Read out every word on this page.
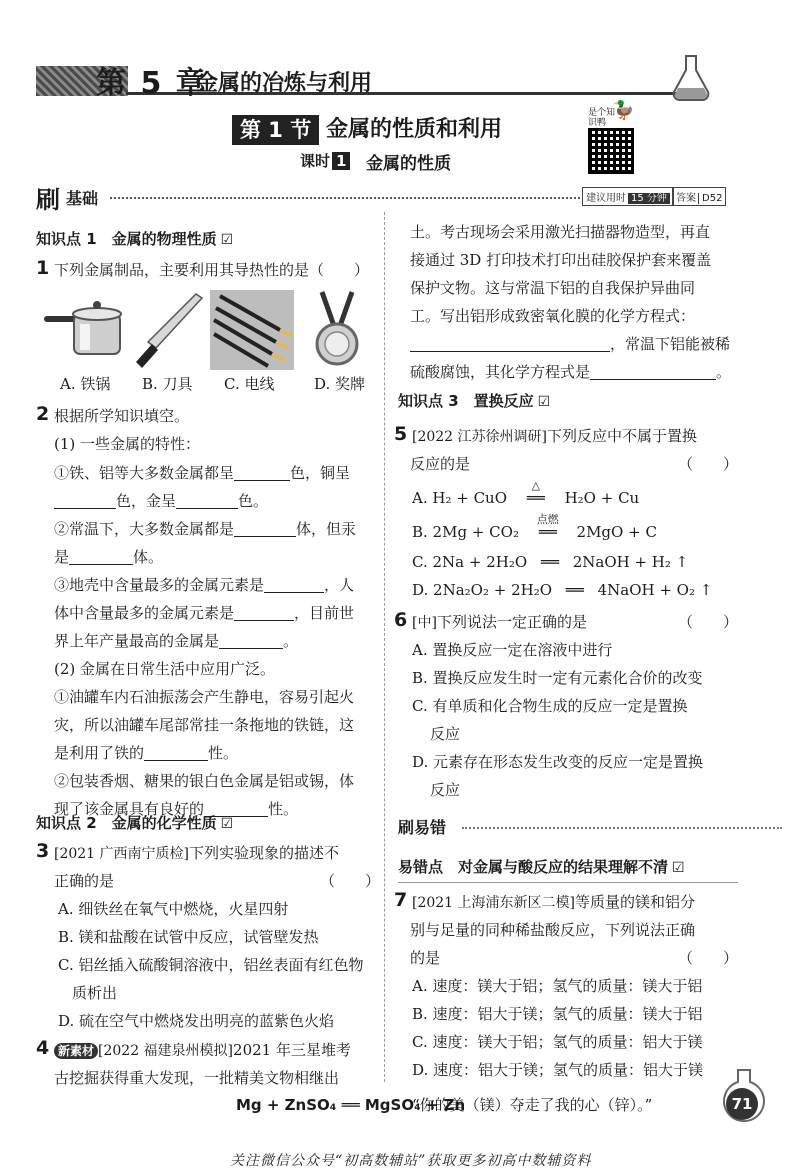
第 5 章
金属的冶炼与利用
第 1 节 金属的性质和利用
课时 1 金属的性质
是个知识鸭
🦆
刷 基础	建议用时 15 分钟 答案 D52
知识点 1　金属的物理性质 ☑
1 下列金属制品，主要利用其导热性的是（　　）
A. 铁锅 B. 刀具 C. 电线	D. 奖牌
2 根据所学知识填空。
(1) 一些金属的特性：
①铁、铝等大多数金属都呈	色，铜呈
色，金呈	色。
②常温下，大多数金属都是	体，但汞
是	体。
③地壳中含量最多的金属元素是	，人
体中含量最多的金属元素是	，目前世
界上年产量最高的金属是	。
(2) 金属在日常生活中应用广泛。
①油罐车内石油振荡会产生静电，容易引起火
灾，所以油罐车尾部常挂一条拖地的铁链，这
是利用了铁的	性。
②包装香烟、糖果的银白色金属是铝或锡，体
现了该金属具有良好的	性。
知识点 2　金属的化学性质 ☑
3 [2021 广西南宁质检]下列实验现象的描述不
正确的是	（　　）
A. 细铁丝在氧气中燃烧，火星四射
B. 镁和盐酸在试管中反应，试管壁发热
C. 铝丝插入硫酸铜溶液中，铝丝表面有红色物
质析出
D. 硫在空气中燃烧发出明亮的蓝紫色火焰
4 新素材 [2022 福建泉州模拟]2021 年三星堆考
古挖掘获得重大发现，一批精美文物相继出
土。考古现场会采用激光扫描器物造型，再直
接通过 3D 打印技术打印出硅胶保护套来覆盖
保护文物。这与常温下铝的自我保护异曲同
工。写出铝形成致密氧化膜的化学方程式：
，常温下铝能被稀
硫酸腐蚀，其化学方程式是	。
知识点 3　置换反应 ☑
5 [2022 江苏徐州调研]下列反应中不属于置换
反应的是	（　　）
A. H₂ + CuO
△
══ H₂O + Cu
B. 2Mg + CO₂
点燃
══ 2MgO + C
C. 2Na + 2H₂O ══ 2NaOH + H₂ ↑
D. 2Na₂O₂ + 2H₂O ══ 4NaOH + O₂ ↑
6 [中]下列说法一定正确的是	（　　）
A. 置换反应一定在溶液中进行
B. 置换反应发生时一定有元素化合价的改变
C. 有单质和化合物生成的反应一定是置换
反应
D. 元素存在形态发生改变的反应一定是置换
反应
刷易错
易错点　对金属与酸反应的结果理解不清 ☑
7 [2021 上海浦东新区二模]等质量的镁和铝分
别与足量的同种稀盐酸反应，下列说法正确
的是	（　　）
A. 速度：镁大于铝；氢气的质量：镁大于铝
B. 速度：铝大于镁；氢气的质量：镁大于铝
C. 速度：镁大于铝；氢气的质量：铝大于镁
D. 速度：铝大于镁；氢气的质量：铝大于镁
Mg + ZnSO₄ ══ MgSO₄ + Zn
“你的美（镁）夺走了我的心（锌）。”	71
关注微信公众号“初高数辅站”获取更多初高中数辅资料
